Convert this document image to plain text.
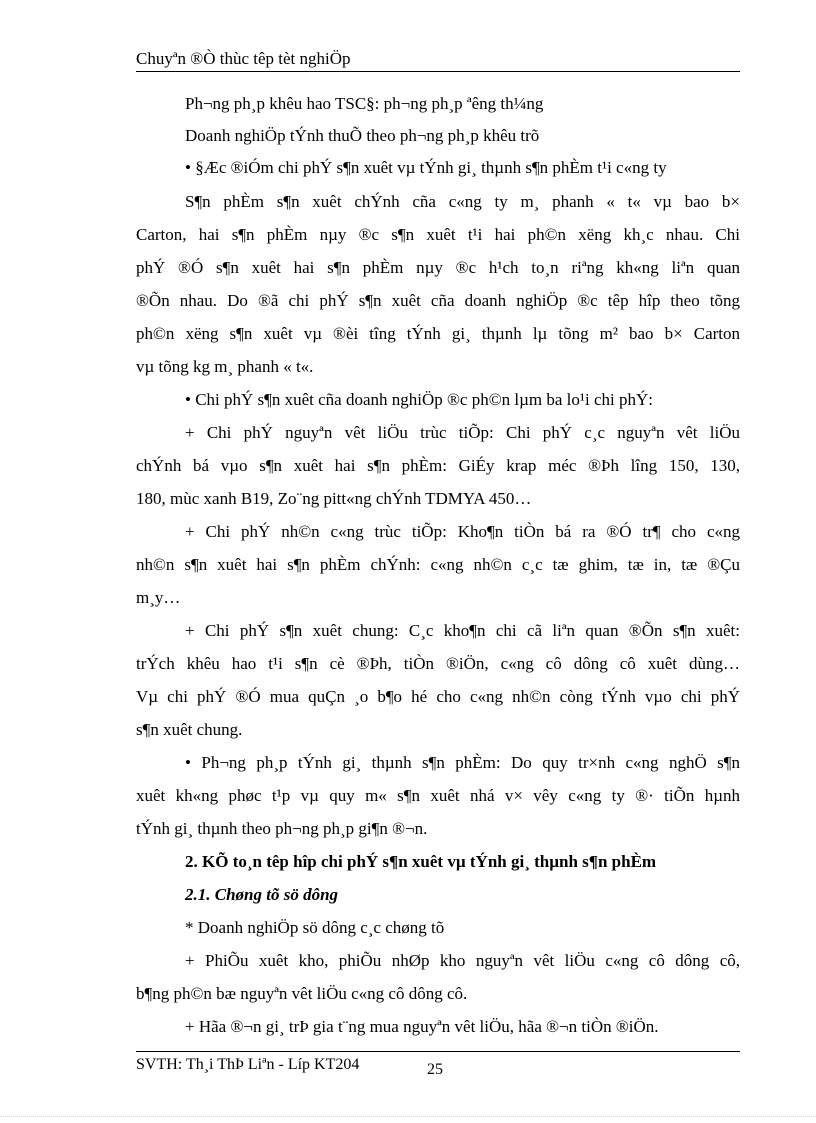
Chuyªn ®Ò thùc têp tèt nghiÖp
Ph¬ng ph¸p khêu hao TSC§: ph¬ng ph¸p ªêng th¼ng
Doanh nghiÖp tÝnh thuÕ theo ph¬ng ph¸p khêu trõ
• §Æc ®iÓm chi phÝ s¶n xuêt vµ tÝnh gi¸ thµnh s¶n phÈm t¹i c«ng ty
S¶n phÈm s¶n xuêt chÝnh cña c«ng ty m¸ phanh « t« vµ bao b×
Carton, hai s¶n phÈm nµy ®c s¶n xuêt t¹i hai ph©n xëng kh¸c nhau. Chi
phÝ ®Ó s¶n xuêt hai s¶n phÈm nµy ®c h¹ch to¸n riªng kh«ng liªn quan
®Õn nhau. Do ®ã chi phÝ s¶n xuêt cña doanh nghiÖp ®c têp hîp theo tõng
ph©n xëng s¶n xuêt vµ ®èi tîng tÝnh gi¸ thµnh lµ tõng m² bao b× Carton
vµ tõng kg m¸ phanh « t«.
• Chi phÝ s¶n xuêt cña doanh nghiÖp ®c ph©n lµm ba lo¹i chi phÝ:
+ Chi phÝ nguyªn vêt liÖu trùc tiÕp: Chi phÝ c¸c nguyªn vêt liÖu
chÝnh bá vµo s¶n xuêt hai s¶n phÈm: GiÉy krap méc ®Þh lîng 150, 130,
180, mùc xanh B19, Zo¨ng pitt«ng chÝnh TDMYA 450…
+ Chi phÝ nh©n c«ng trùc tiÕp: Kho¶n tiÒn bá ra ®Ó tr¶ cho c«ng
nh©n s¶n xuêt hai s¶n phÈm chÝnh: c«ng nh©n c¸c tæ ghim, tæ in, tæ ®Çu
m¸y…
+ Chi phÝ s¶n xuêt chung: C¸c kho¶n chi cã liªn quan ®Õn s¶n xuêt:
trÝch khêu hao t¹i s¶n cè ®Þh, tiÒn ®iÖn, c«ng cô dông cô xuêt dùng…
Vµ chi phÝ ®Ó mua quÇn ¸o b¶o hé cho c«ng nh©n còng tÝnh vµo chi phÝ
s¶n xuêt chung.
• Ph¬ng ph¸p tÝnh gi¸ thµnh s¶n phÈm: Do quy tr×nh c«ng nghÖ s¶n
xuêt kh«ng phøc t¹p vµ quy m« s¶n xuêt nhá v× vêy c«ng ty ®· tiÕn hµnh
tÝnh gi¸ thµnh theo ph¬ng ph¸p gi¶n ®¬n.
2. KÕ to¸n têp hîp chi phÝ s¶n xuêt vµ tÝnh gi¸ thµnh s¶n phÈm
2.1. Chøng tõ sö dông
* Doanh nghiÖp sö dông c¸c chøng tõ
+ PhiÕu xuêt kho, phiÕu nhØp kho nguyªn vêt liÖu c«ng cô dông cô,
b¶ng ph©n bæ nguyªn vêt liÖu c«ng cô dông cô.
+ Hãa ®¬n gi¸ trÞ gia t¨ng mua nguyªn vêt liÖu, hãa ®¬n tiÒn ®iÖn.
SVTH: Th¸i ThÞ Liªn - Líp KT204	25
